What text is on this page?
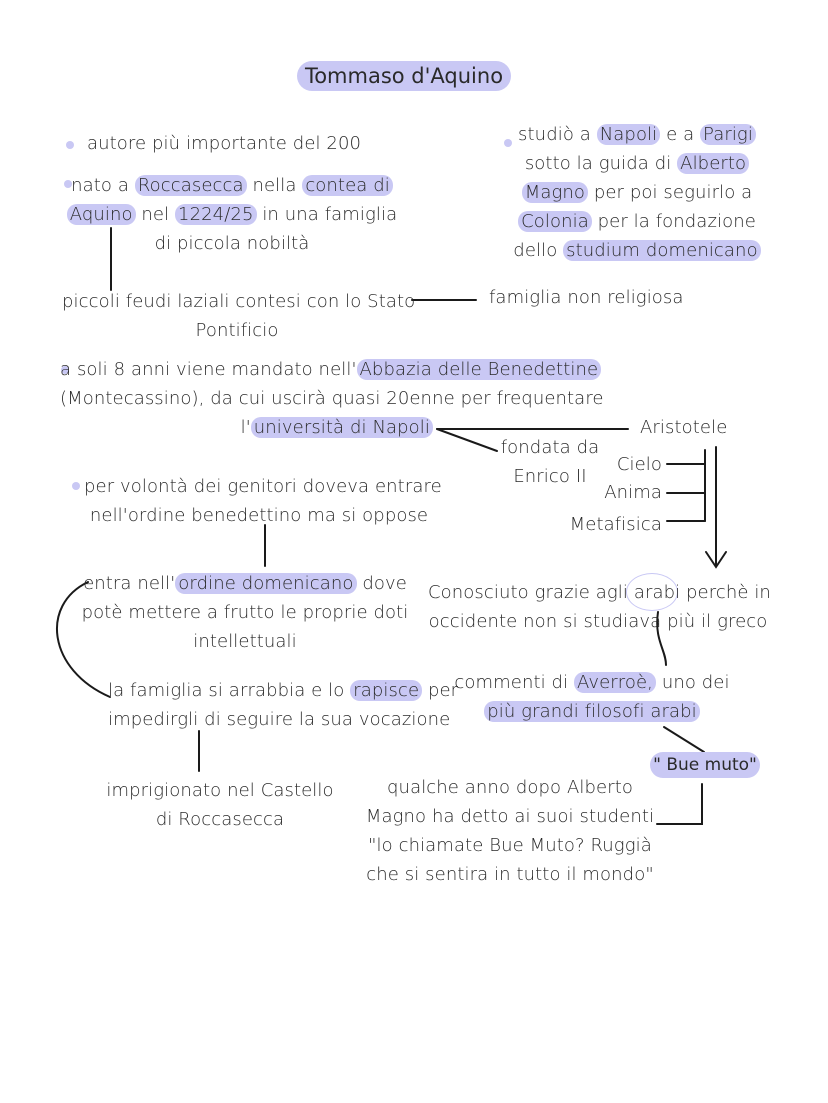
Tommaso d'Aquino
autore più importante del 200
nato a Roccasecca nella contea di
Aquino nel 1224/25 in una famiglia
di piccola nobiltà
piccoli feudi laziali contesi con lo Stato
Pontificio
a soli 8 anni viene mandato nell' Abbazia delle Benedettine
(Montecassino), da cui uscirà quasi 20enne per frequentare
l' università di Napoli
per volontà dei genitori doveva entrare
nell'ordine benedettino ma si oppose
entra nell' ordine domenicano dove
potè mettere a frutto le proprie doti
intellettuali
la famiglia si arrabbia e lo rapisce per
impedirgli di seguire la sua vocazione
imprigionato nel Castello
di Roccasecca
studiò a Napoli e a Parigi
sotto la guida di Alberto
Magno per poi seguirlo a
Colonia per la fondazione
dello studium domenicano
famiglia non religiosa
fondata da
Enrico II
Aristotele
Cielo
Anima
Metafisica
Conosciuto grazie agli arabi perchè in
occidente non si studiava più il greco
commenti di Averroè, uno dei
più grandi filosofi arabi
" Bue muto"
qualche anno dopo Alberto
Magno ha detto ai suoi studenti
"lo chiamate Bue Muto? Ruggià
che si sentira in tutto il mondo"
